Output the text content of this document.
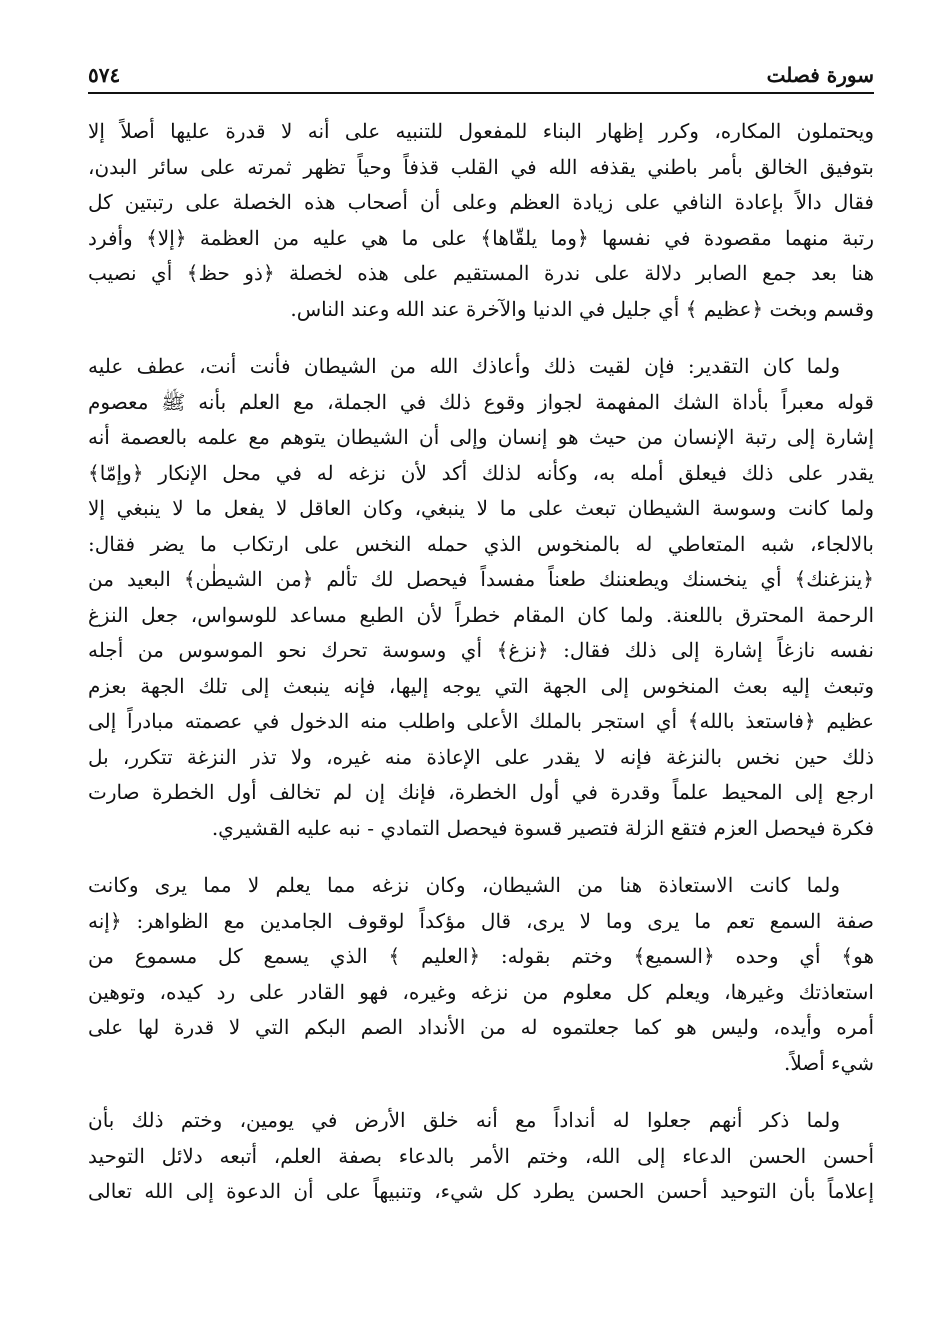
سورة فصلت
٥٧٤

ويحتملون المكاره، وكرر إظهار البناء للمفعول للتنبيه على أنه لا قدرة عليها أصلاً إلا
بتوفيق الخالق بأمر باطني يقذفه الله في القلب قذفاً وحياً تظهر ثمرته على سائر البدن،
فقال دالاً بإعادة النافي على زيادة العظم وعلى أن أصحاب هذه الخصلة على رتبتين كل
رتبة منهما مقصودة في نفسها ﴿وما يلقّاها﴾ على ما هي عليه من العظمة ﴿إلا﴾ وأفرد
هنا بعد جمع الصابر دلالة على ندرة المستقيم على هذه لخصلة ﴿ذو حظ﴾ أي نصيب
وقسم وبخت ﴿عظيم ﴾ أي جليل في الدنيا والآخرة عند الله وعند الناس.

ولما كان التقدير: فإن لقيت ذلك وأعاذك الله من الشيطان فأنت أنت، عطف عليه
قوله معبراً بأداة الشك المفهمة لجواز وقوع ذلك في الجملة، مع العلم بأنه ﷺ معصوم
إشارة إلى رتبة الإنسان من حيث هو إنسان وإلى أن الشيطان يتوهم مع علمه بالعصمة أنه
يقدر على ذلك فيعلق أمله به، وكأنه لذلك أكد لأن نزغه له في محل الإنكار ﴿وإمّا﴾
ولما كانت وسوسة الشيطان تبعث على ما لا ينبغي، وكان العاقل لا يفعل ما لا ينبغي إلا
بالالجاء، شبه المتعاطي له بالمنخوس الذي حمله النخس على ارتكاب ما يضر فقال:
﴿ينزغنك﴾ أي ينخسنك ويطعننك طعناً مفسداً فيحصل لك تألم ﴿من الشيطٰن﴾ البعيد من
الرحمة المحترق باللعنة. ولما كان المقام خطراً لأن الطبع مساعد للوسواس، جعل النزغ
نفسه نازغاً إشارة إلى ذلك فقال: ﴿نزغ﴾ أي وسوسة تحرك نحو الموسوس من أجله
وتبعث إليه بعث المنخوس إلى الجهة التي يوجه إليها، فإنه ينبعث إلى تلك الجهة بعزم
عظيم ﴿فاستعذ بالله﴾ أي استجر بالملك الأعلى واطلب منه الدخول في عصمته مبادراً إلى
ذلك حين نخس بالنزغة فإنه لا يقدر على الإعاذة منه غيره، ولا تذر النزغة تتكرر، بل
ارجع إلى المحيط علماً وقدرة في أول الخطرة، فإنك إن لم تخالف أول الخطرة صارت
فكرة فيحصل العزم فتقع الزلة فتصير قسوة فيحصل التمادي - نبه عليه القشيري.

ولما كانت الاستعاذة هنا من الشيطان، وكان نزغه مما يعلم لا مما يرى وكانت
صفة السمع تعم ما يرى وما لا يرى، قال مؤكداً لوقوف الجامدين مع الظواهر: ﴿إنه
هو﴾ أي وحده ﴿السميع﴾ وختم بقوله: ﴿العليم ﴾ الذي يسمع كل مسموع من
استعاذتك وغيرها، ويعلم كل معلوم من نزغه وغيره، فهو القادر على رد كيده، وتوهين
أمره وأيده، وليس هو كما جعلتموه له من الأنداد الصم البكم التي لا قدرة لها على
شيء أصلاً.

ولما ذكر أنهم جعلوا له أنداداً مع أنه خلق الأرض في يومين، وختم ذلك بأن
أحسن الحسن الدعاء إلى الله، وختم الأمر بالدعاء بصفة العلم، أتبعه دلائل التوحيد
إعلاماً بأن التوحيد أحسن الحسن يطرد كل شيء، وتنبيهاً على أن الدعوة إلى الله تعالى
